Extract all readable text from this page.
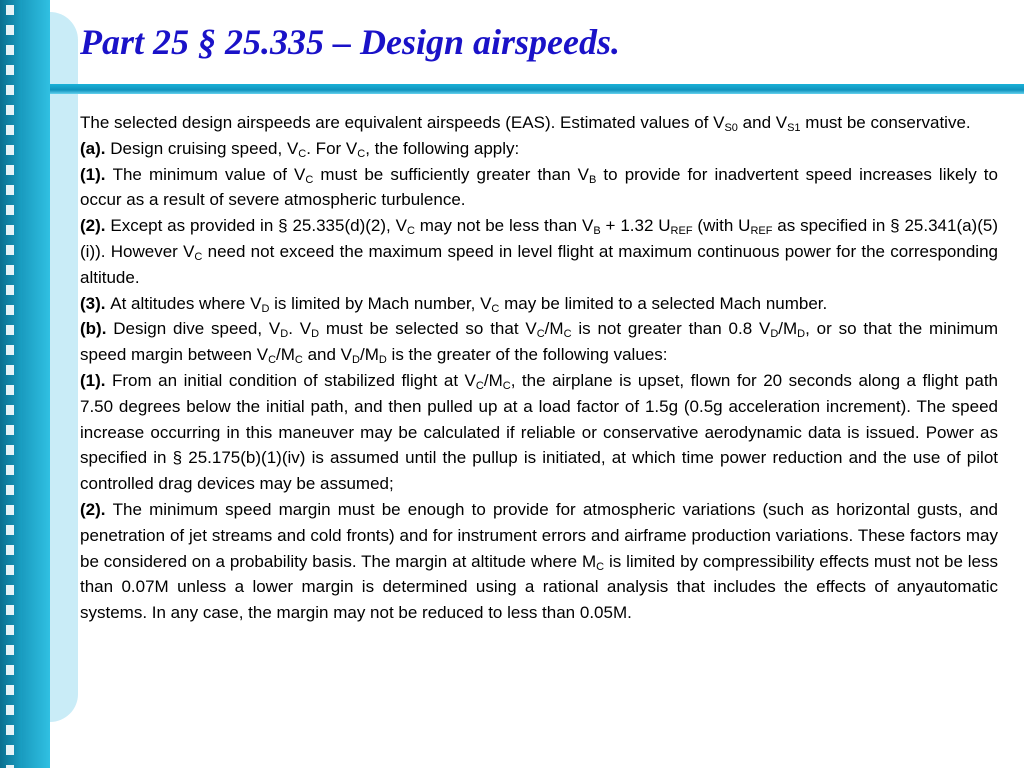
Part 25 § 25.335 – Design airspeeds.

The selected design airspeeds are equivalent airspeeds (EAS). Estimated values of $V_{S0}$ and $V_{S1}$ must be conservative.

(a). Design cruising speed, $V_C$. For $V_C$, the following apply:

(1). The minimum value of $V_C$ must be sufficiently greater than $V_B$ to provide for inadvertent speed increases likely to occur as a result of severe atmospheric turbulence.

(2). Except as provided in § 25.335(d)(2), $V_C$ may not be less than $V_B + 1.32$ $U_{REF}$ (with $U_{REF}$ as specified in § 25.341(a)(5)(i)). However $V_C$ need not exceed the maximum speed in level flight at maximum continuous power for the corresponding altitude.

(3). At altitudes where $V_D$ is limited by Mach number, $V_C$ may be limited to a selected Mach number.

(b). Design dive speed, $V_D$. $V_D$ must be selected so that $V_C/M_C$ is not greater than 0.8 $V_D/M_D$, or so that the minimum speed margin between $V_C/M_C$ and $V_D/M_D$ is the greater of the following values:

(1). From an initial condition of stabilized flight at $V_C/M_C$, the airplane is upset, flown for 20 seconds along a flight path 7.50 degrees below the initial path, and then pulled up at a load factor of 1.5g (0.5g acceleration increment). The speed increase occurring in this maneuver may be calculated if reliable or conservative aerodynamic data is issued. Power as specified in § 25.175(b)(1)(iv) is assumed until the pullup is initiated, at which time power reduction and the use of pilot controlled drag devices may be assumed;

(2). The minimum speed margin must be enough to provide for atmospheric variations (such as horizontal gusts, and penetration of jet streams and cold fronts) and for instrument errors and airframe production variations. These factors may be considered on a probability basis. The margin at altitude where $M_C$ is limited by compressibility effects must not be less than 0.07M unless a lower margin is determined using a rational analysis that includes the effects of anyautomatic systems. In any case, the margin may not be reduced to less than 0.05M.
